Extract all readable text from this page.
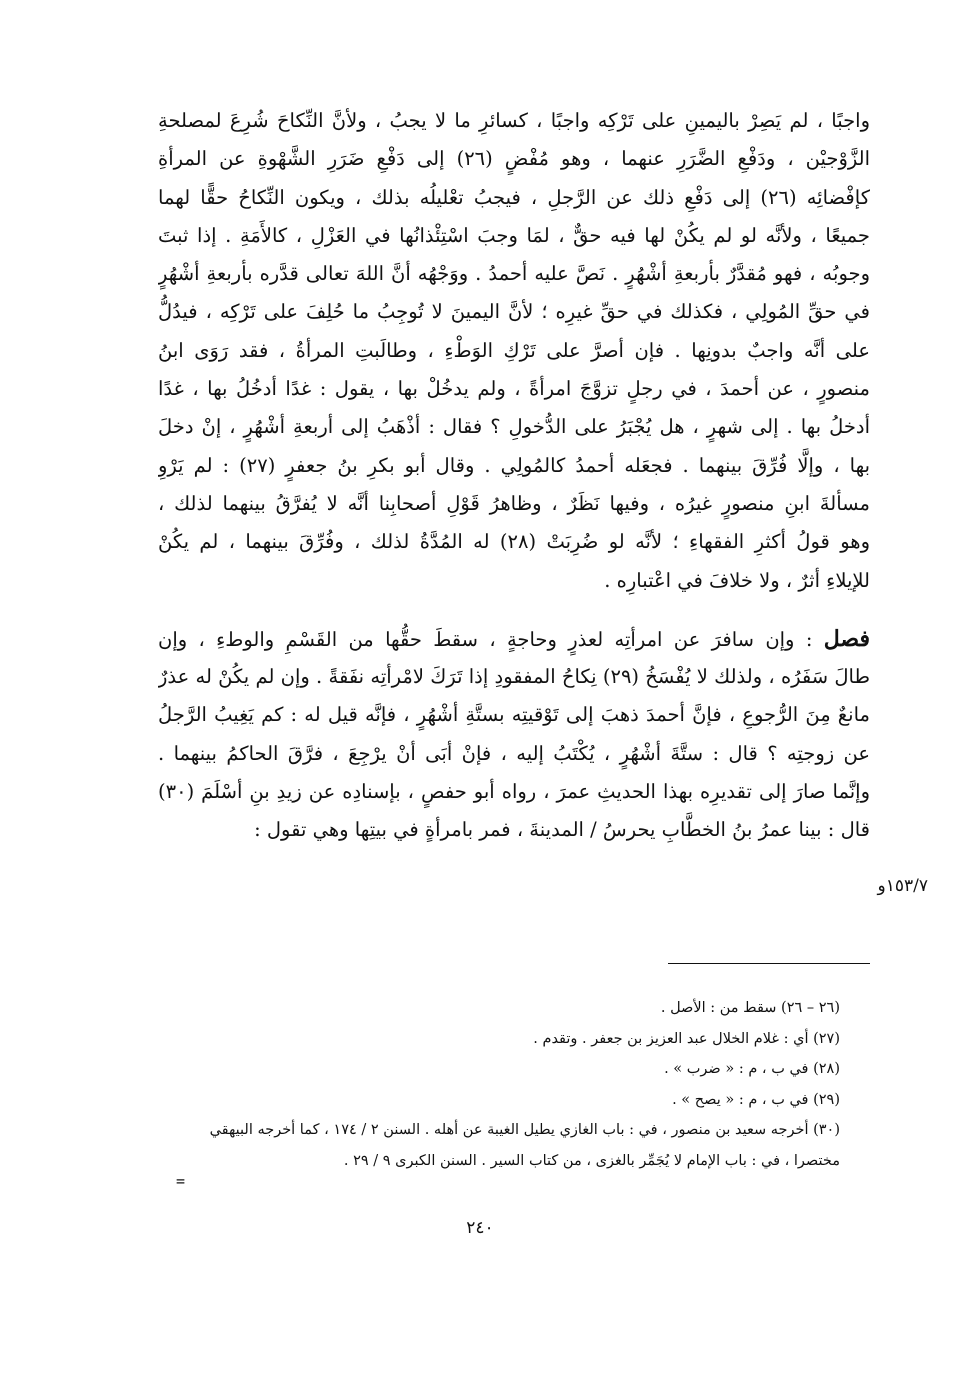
واجبًا ، لم يَصِرْ باليمينِ على تَرْكِه واجبًا ، كسائرِ ما لا يجبُ ، ولأنَّ النِّكاحَ شُرِعَ لمصلحةِ
الزَّوْجيْن ، ودَفْعِ الضَّرَرِ عنهما ، وهو مُفْضٍ (٢٦) إلى دَفْعِ ضَرَرِ الشَّهْوةِ عن المرأةِ
كإفْضائِه (٢٦) إلى دَفْعِ ذلك عن الرَّجلِ ، فيجبُ تعْليلُه بذلك ، ويكون النِّكاحُ حقًّا لهما
جميعًا ، ولأنَّه لو لم يكُنْ لها فيه حقٌّ ، لمَا وجبَ اسْتِئْذانُها في العَزْلِ ، كالأَمَةِ . إذا ثبتَ
وجوبُه ، فهو مُقدَّرٌ بأربعةِ أشْهُرٍ . نَصَّ عليه أحمدُ . ووَجْهُه أنَّ اللهَ تعالى قدَّره بأربعةِ أشْهُرٍ
في حقِّ المُولِي ، فكذلك في حقِّ غيرِه ؛ لأنَّ اليمينَ لا تُوجِبُ ما حُلِفَ على تَرْكِه ، فيدُلُّ
على أنَّه واجبٌ بدونِها . فإن أصرَّ على تَرْكِ الوَطْءِ ، وطالَبتِ المرأةُ ، فقد رَوَى ابنُ
منصورٍ ، عن أحمدَ ، في رجلٍ تزوَّجَ امرأةً ، ولم يدخُلْ بها ، يقول : غدًا أدخُلُ بها ، غدًا
أدخلُ بها . إلى شهرٍ ، هل يُجْبَرُ على الدُّخولِ ؟ فقال : أذْهَبُ إلى أربعةِ أشْهُرٍ ، إنْ دخلَ
بها ، وإلَّا فُرِّقَ بينهما . فجعَله أحمدُ كالمُولِي . وقال أبو بكرِ بنُ جعفرٍ (٢٧) : لم يَرْوِ
مسألةَ ابنِ منصورٍ غيرُه ، وفيها نَظَرٌ ، وظاهرُ قَوْلِ أصحابِنا أنَّه لا يُفرَّقُ بينهما لذلك ،
وهو قولُ أكثرِ الفقهاءِ ؛ لأنَّه لو ضُرِبَتْ (٢٨) له المُدَّةُ لذلك ، وفُرِّقَ بينهما ، لم يكُنْ
للإيلاءِ أثرٌ ، ولا خلافَ في اعْتبارِه .
فصل : وإن سافرَ عن امرأتِه لعذرٍ وحاجةٍ ، سقطَ حقُّها من القَسْمِ والوطءِ ، وإن
طالَ سَفَرُه ، ولذلك لا يُفْسَخُ (٢٩) نِكاحُ المفقودِ إذا تَرَكَ لامْرأتِه نفَقةً . وإن لم يكُنْ له عذرٌ
مانعٌ مِنَ الرُّجوعِ ، فإنَّ أحمدَ ذهبَ إلى تَوْقيتِه بستَّةِ أشْهُرٍ ، فإنَّه قيل له : كم يَغِيبُ الرَّجلُ
عن زوجتِه ؟ قال : ستَّةَ أشْهُرٍ ، يُكْتَبُ إليه ، فإنْ أبَى أنْ يرْجِعَ ، فرَّقَ الحاكمُ بينهما .
وإنَّما صارَ إلى تقديرِه بهذا الحديثِ عمرَ ، رواه أبو حفصٍ ، بإسنادِه عن زيدِ بنِ أسْلَمَ (٣٠)
قال : بينا عمرُ بنُ الخطَّابِ يحرسُ / المدينةَ ، فمر بامرأةٍ في بيتِها وهي تقول :
١٥٣/٧و
(٢٦ – ٢٦) سقط من : الأصل .
(٢٧) أي : غلام الخلال عبد العزيز بن جعفر . وتقدم .
(٢٨) في ب ، م : « ضرب » .
(٢٩) في ب ، م : « يصح » .
(٣٠) أخرجه سعيد بن منصور ، في : باب الغازي يطيل الغيبة عن أهله . السنن ٢ / ١٧٤ ، كما أخرجه البيهقي
مختصرا ، في : باب الإمام لا يُجَمِّر بالغزى ، من كتاب السير . السنن الكبرى ٩ / ٢٩ .
=
٢٤٠
